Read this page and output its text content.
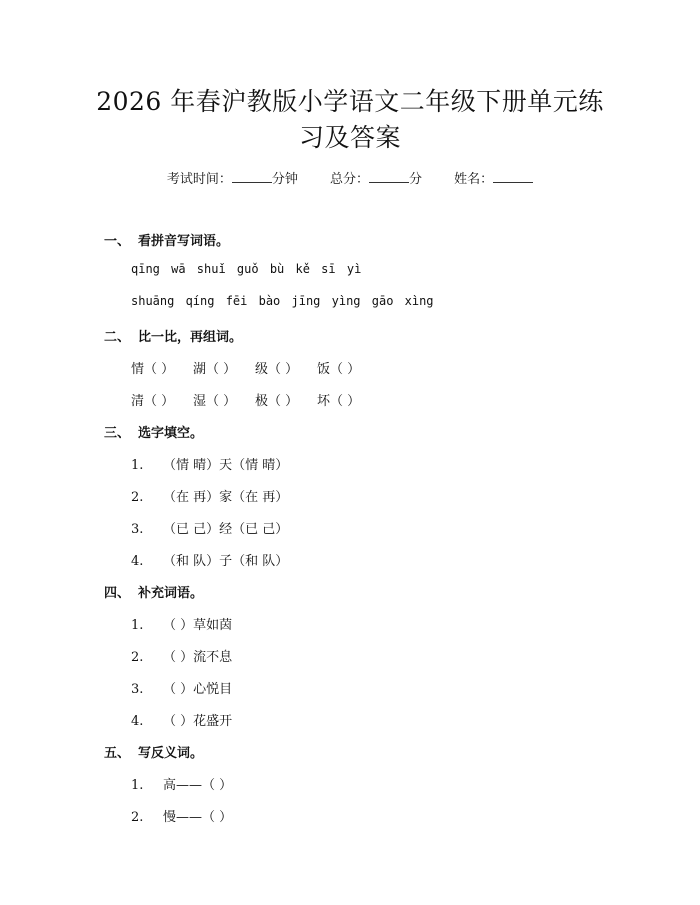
2026 年春沪教版小学语文二年级下册单元练
习及答案
考试时间：	分钟 总分：	分 姓名：
一、 看拼音写词语。
qīng wā shuǐ guǒ bù kě sī yì
shuāng qíng fēi bào jīng yìng gāo xìng
二、 比一比，再组词。
情（ ） 湖（ ） 级（ ） 饭（ ）
清（ ） 湿（ ） 极（ ） 坏（ ）
三、 选字填空。
1. （情 晴）天（情 晴）
2. （在 再）家（在 再）
3. （已 己）经（已 己）
4. （和 队）子（和 队）
四、 补充词语。
1. （ ）草如茵
2. （ ）流不息
3. （ ）心悦目
4. （ ）花盛开
五、 写反义词。
1. 高——（ ）
2. 慢——（ ）
